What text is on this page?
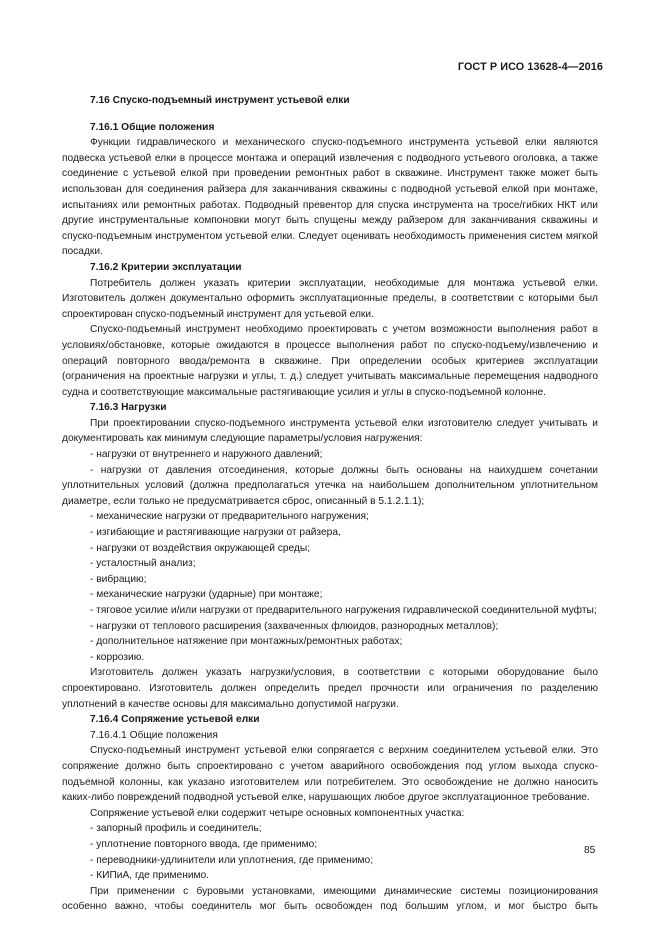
ГОСТ Р ИСО 13628-4—2016

7.16 Спуско-подъемный инструмент устьевой елки

7.16.1 Общие положения

Функции гидравлического и механического спуско-подъемного инструмента устьевой елки являются подвеска устьевой елки в процессе монтажа и операций извлечения с подводного устьевого оголовка, а также соединение с устьевой елкой при проведении ремонтных работ в скважине. Инструмент также может быть использован для соединения райзера для заканчивания скважины с подводной устьевой елкой при монтаже, испытаниях или ремонтных работах. Подводный превентор для спуска инструмента на тросе/гибких НКТ или другие инструментальные компоновки могут быть спущены между райзером для заканчивания скважины и спуско-подъемным инструментом устьевой елки. Следует оценивать необходимость применения систем мягкой посадки.

7.16.2 Критерии эксплуатации

Потребитель должен указать критерии эксплуатации, необходимые для монтажа устьевой елки. Изготовитель должен документально оформить эксплуатационные пределы, в соответствии с которыми был спроектирован спуско-подъемный инструмент для устьевой елки.

Спуско-подъемный инструмент необходимо проектировать с учетом возможности выполнения работ в условиях/обстановке, которые ожидаются в процессе выполнения работ по спуско-подъему/извлечению и операций повторного ввода/ремонта в скважине. При определении особых критериев эксплуатации (ограничения на проектные нагрузки и углы, т. д.) следует учитывать максимальные перемещения надводного судна и соответствующие максимальные растягивающие усилия и углы в спуско-подъемной колонне.

7.16.3 Нагрузки

При проектировании спуско-подъемного инструмента устьевой елки изготовителю следует учитывать и документировать как минимум следующие параметры/условия нагружения:

- нагрузки от внутреннего и наружного давлений;

- нагрузки от давления отсоединения, которые должны быть основаны на наихудшем сочетании уплотнительных условий (должна предполагаться утечка на наибольшем дополнительном уплотнительном диаметре, если только не предусматривается сброс, описанный в 5.1.2.1.1);

- механические нагрузки от предварительного нагружения;

- изгибающие и растягивающие нагрузки от райзера,

- нагрузки от воздействия окружающей среды;

- усталостный анализ;

- вибрацию;

- механические нагрузки (ударные) при монтаже;

- тяговое усилие и/или нагрузки от предварительного нагружения гидравлической соединительной муфты;

- нагрузки от теплового расширения (захваченных флюидов, разнородных металлов);

- дополнительное натяжение при монтажных/ремонтных работах;

- коррозию.

Изготовитель должен указать нагрузки/условия, в соответствии с которыми оборудование было спроектировано. Изготовитель должен определить предел прочности или ограничения по разделению уплотнений в качестве основы для максимально допустимой нагрузки.

7.16.4 Сопряжение устьевой елки

7.16.4.1 Общие положения

Спуско-подъемный инструмент устьевой елки сопрягается с верхним соединителем устьевой елки. Это сопряжение должно быть спроектировано с учетом аварийного освобождения под углом выхода спуско-подъемной колонны, как указано изготовителем или потребителем. Это освобождение не должно наносить каких-либо повреждений подводной устьевой елке, нарушающих любое другое эксплуатационное требование.

Сопряжение устьевой елки содержит четыре основных компонентных участка:

- запорный профиль и соединитель;

- уплотнение повторного ввода, где применимо;

- переводники-удлинители или уплотнения, где применимо;

- КИПиА, где применимо.

При применении с буровыми установками, имеющими динамические системы позиционирования особенно важно, чтобы соединитель мог быть освобожден под большим углом, и мог быстро быть

85
